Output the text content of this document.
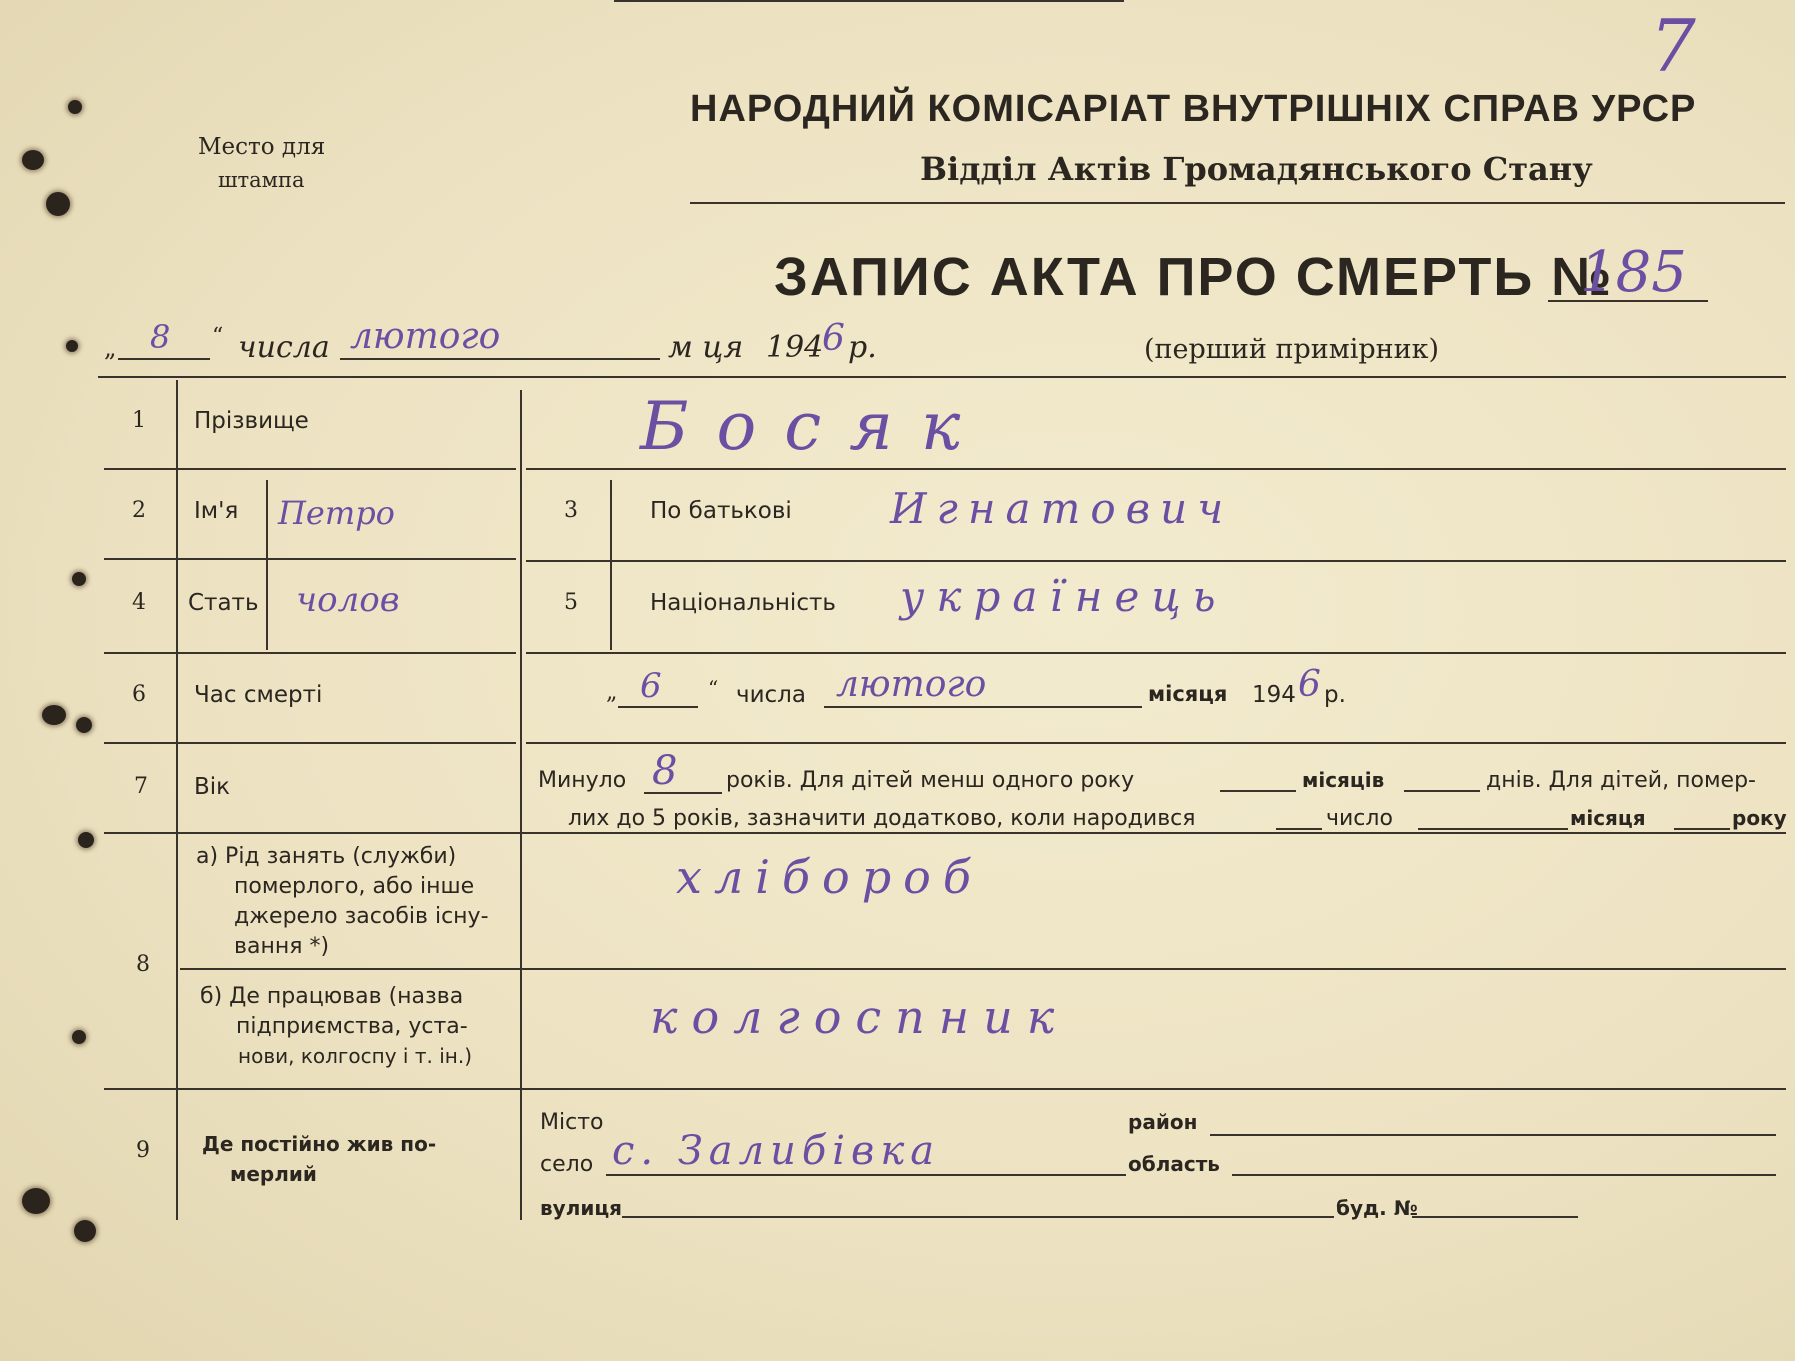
Место для
штампа
НАРОДНИЙ КОМІСАРІАТ ВНУТРІШНІХ СПРАВ УРСР
Відділ Актів Громадянського Стану
ЗАПИС АКТА ПРО СМЕРТЬ №
185
7
„ 8 “ числа лютого	м ця 194
6 р.	(перший примірник)
1 Прізвище	Босяк
2 Ім'я Петро	3	По батькові Игнатович
4 Стать чолов	5	Національність українець
6 Час смерті	„ 6 “ числа лютого	місяця 194 6 р.
7 Вік	Минуло 8 років. Для дітей менш одного року	місяців	днів. Для дітей, помер-
лих до 5 років, зазначити додатково, коли народився	число	місяця	року
8
а) Рід занять (служби)
померлого, або інше
джерело засобів існу-
вання *)
хлібороб
б) Де працював (назва
підприємства, уста-
нови, колгоспу і т. ін.)
колгоспник
9	Де постійно жив по-
мерлий
Місто	район
село с. Залибівка	область
вулиця	буд. №
